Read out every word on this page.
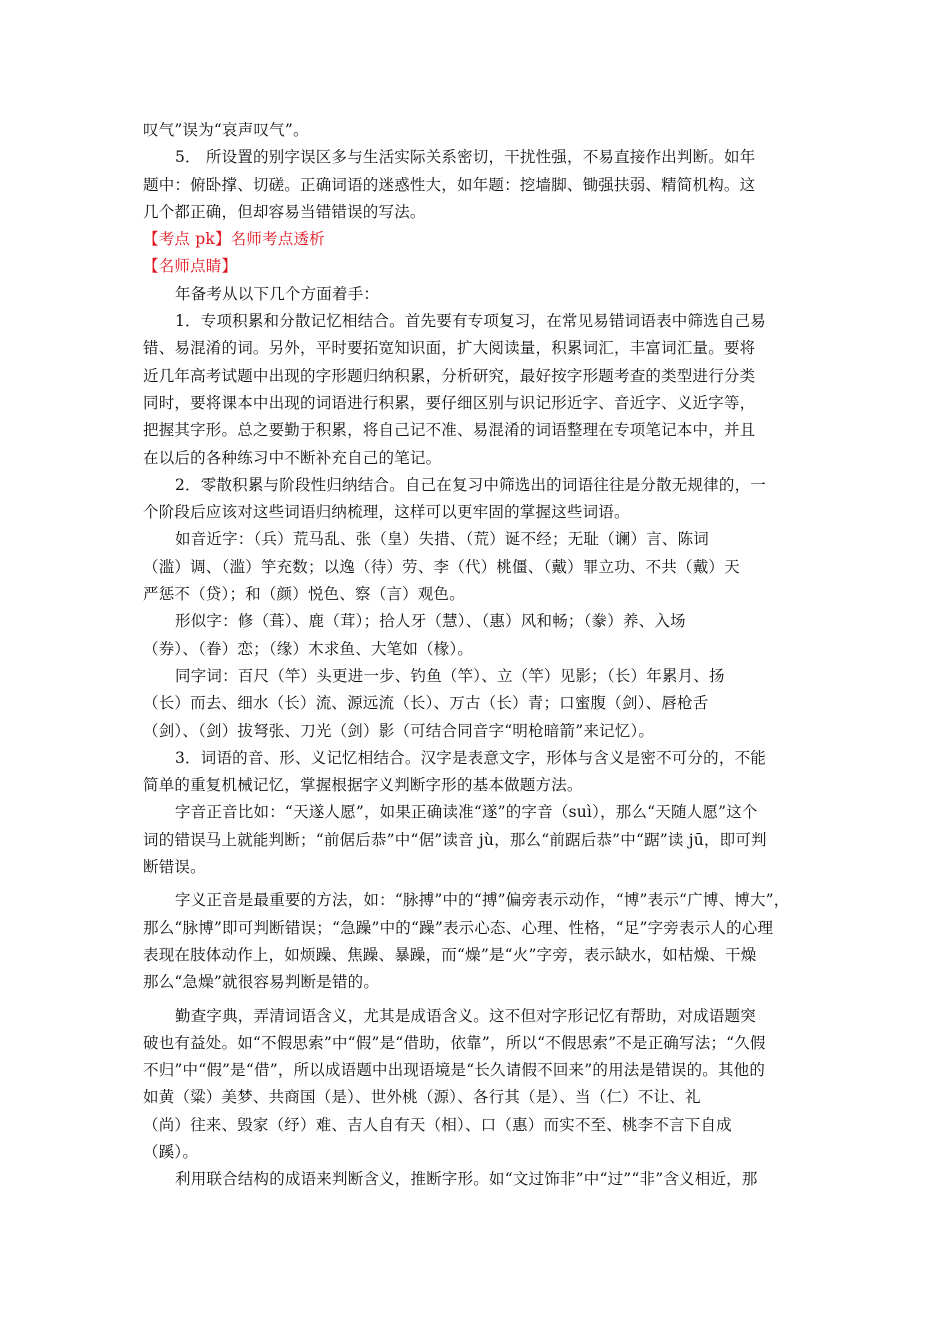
叹气”误为“哀声叹气”。

5． 所设置的别字误区多与生活实际关系密切，干扰性强，不易直接作出判断。如年
题中：俯卧撑、切磋。正确词语的迷惑性大，如年题：挖墙脚、锄强扶弱、精简机构。这
几个都正确，但却容易当错错误的写法。

【考点 pk】名师考点透析

【名师点睛】

年备考从以下几个方面着手：

1．专项积累和分散记忆相结合。首先要有专项复习，在常见易错词语表中筛选自己易
错、易混淆的词。另外，平时要拓宽知识面，扩大阅读量，积累词汇，丰富词汇量。要将
近几年高考试题中出现的字形题归纳积累，分析研究，最好按字形题考查的类型进行分类
同时，要将课本中出现的词语进行积累，要仔细区别与识记形近字、音近字、义近字等，
把握其字形。总之要勤于积累，将自己记不准、易混淆的词语整理在专项笔记本中，并且
在以后的各种练习中不断补充自己的笔记。

2．零散积累与阶段性归纳结合。自己在复习中筛选出的词语往往是分散无规律的，一
个阶段后应该对这些词语归纳梳理，这样可以更牢固的掌握这些词语。

如音近字：（兵）荒马乱、张（皇）失措、（荒）诞不经；无耻（谰）言、陈词
（滥）调、（滥）竽充数；以逸（待）劳、李（代）桃僵、（戴）罪立功、不共（戴）天
严惩不（贷）；和（颜）悦色、察（言）观色。

形似字：修（葺）、鹿（茸）；拾人牙（慧）、（惠）风和畅；（豢）养、入场
（券）、（眷）恋；（缘）木求鱼、大笔如（椽）。

同字词：百尺（竿）头更进一步、钓鱼（竿）、立（竿）见影；（长）年累月、扬
（长）而去、细水（长）流、源远流（长）、万古（长）青；口蜜腹（剑）、唇枪舌
（剑）、（剑）拔弩张、刀光（剑）影（可结合同音字“明枪暗箭”来记忆）。

3．词语的音、形、义记忆相结合。汉字是表意文字，形体与含义是密不可分的，不能
简单的重复机械记忆，掌握根据字义判断字形的基本做题方法。

字音正音比如：“天遂人愿”，如果正确读准“遂”的字音（suì），那么“天随人愿”这个
词的错误马上就能判断；“前倨后恭”中“倨”读音 jù，那么“前踞后恭”中“踞”读 jū，即可判
断错误。

字义正音是最重要的方法，如：“脉搏”中的“搏”偏旁表示动作，“博”表示“广博、博大”，
那么“脉博”即可判断错误；“急躁”中的“躁”表示心态、心理、性格，“足”字旁表示人的心理
表现在肢体动作上，如烦躁、焦躁、暴躁，而“燥”是“火”字旁，表示缺水，如枯燥、干燥
那么“急燥”就很容易判断是错的。

勤查字典，弄清词语含义，尤其是成语含义。这不但对字形记忆有帮助，对成语题突
破也有益处。如“不假思索”中“假”是“借助，依靠”，所以“不假思索”不是正确写法；“久假
不归”中“假”是“借”，所以成语题中出现语境是“长久请假不回来”的用法是错误的。其他的
如黄（粱）美梦、共商国（是）、世外桃（源）、各行其（是）、当（仁）不让、礼
（尚）往来、毁家（纾）难、吉人自有天（相）、口（惠）而实不至、桃李不言下自成
（蹊）。

利用联合结构的成语来判断含义，推断字形。如“文过饰非”中“过”“非”含义相近，那
